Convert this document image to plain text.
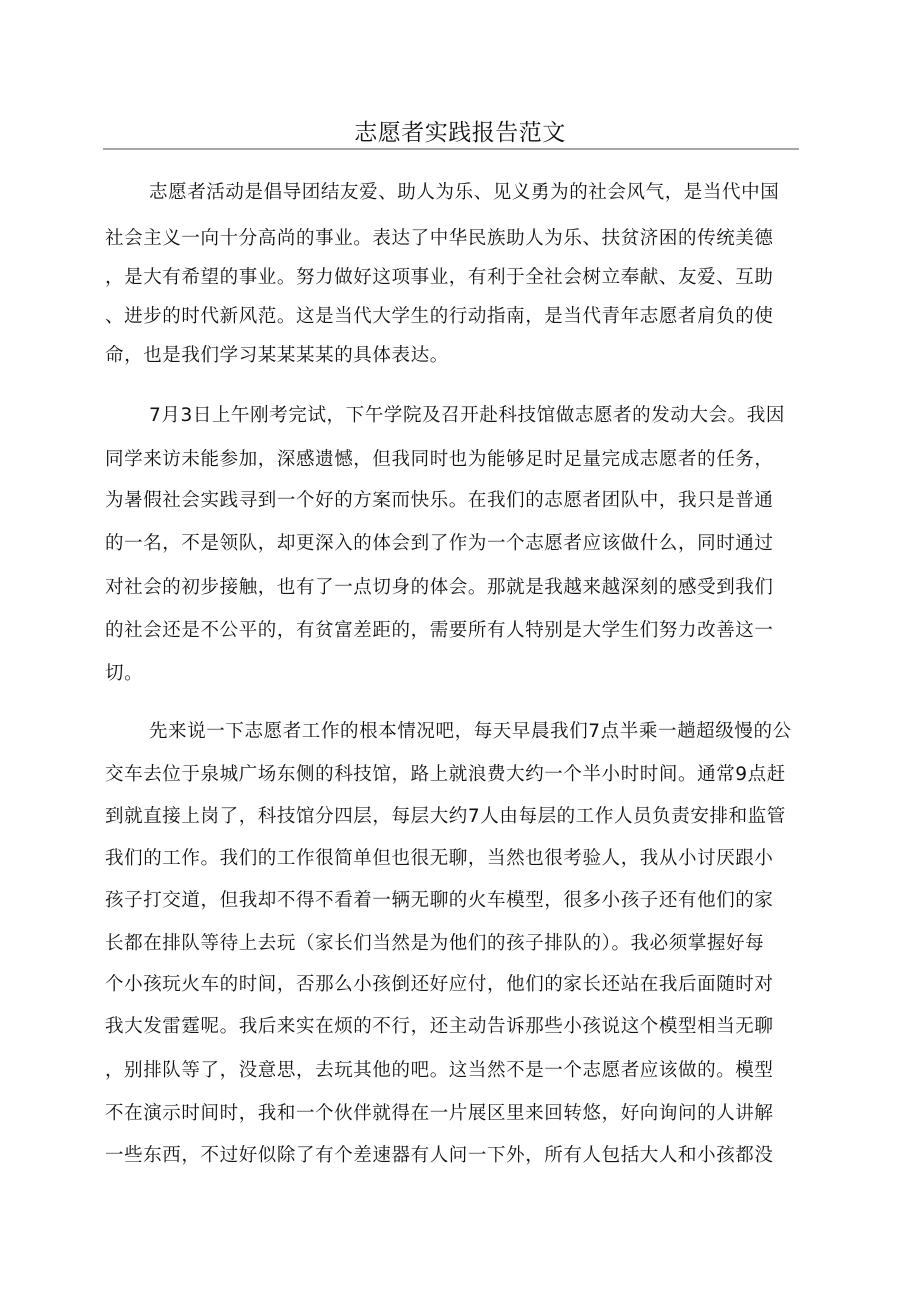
志愿者实践报告范文
志愿者活动是倡导团结友爱、助人为乐、见义勇为的社会风气，是当代中国
社会主义一向十分高尚的事业。表达了中华民族助人为乐、扶贫济困的传统美德
，是大有希望的事业。努力做好这项事业，有利于全社会树立奉献、友爱、互助
、进步的时代新风范。这是当代大学生的行动指南，是当代青年志愿者肩负的使
命，也是我们学习某某某某的具体表达。
7月3日上午刚考完试，下午学院及召开赴科技馆做志愿者的发动大会。我因
同学来访未能参加，深感遗憾，但我同时也为能够足时足量完成志愿者的任务，
为暑假社会实践寻到一个好的方案而快乐。在我们的志愿者团队中，我只是普通
的一名，不是领队，却更深入的体会到了作为一个志愿者应该做什么，同时通过
对社会的初步接触，也有了一点切身的体会。那就是我越来越深刻的感受到我们
的社会还是不公平的，有贫富差距的，需要所有人特别是大学生们努力改善这一
切。
先来说一下志愿者工作的根本情况吧，每天早晨我们7点半乘一趟超级慢的公
交车去位于泉城广场东侧的科技馆，路上就浪费大约一个半小时时间。通常9点赶
到就直接上岗了，科技馆分四层，每层大约7人由每层的工作人员负责安排和监管
我们的工作。我们的工作很简单但也很无聊，当然也很考验人，我从小讨厌跟小
孩子打交道，但我却不得不看着一辆无聊的火车模型，很多小孩子还有他们的家
长都在排队等待上去玩（家长们当然是为他们的孩子排队的）。我必须掌握好每
个小孩玩火车的时间，否那么小孩倒还好应付，他们的家长还站在我后面随时对
我大发雷霆呢。我后来实在烦的不行，还主动告诉那些小孩说这个模型相当无聊
，别排队等了，没意思，去玩其他的吧。这当然不是一个志愿者应该做的。模型
不在演示时间时，我和一个伙伴就得在一片展区里来回转悠，好向询问的人讲解
一些东西，不过好似除了有个差速器有人问一下外，所有人包括大人和小孩都没
